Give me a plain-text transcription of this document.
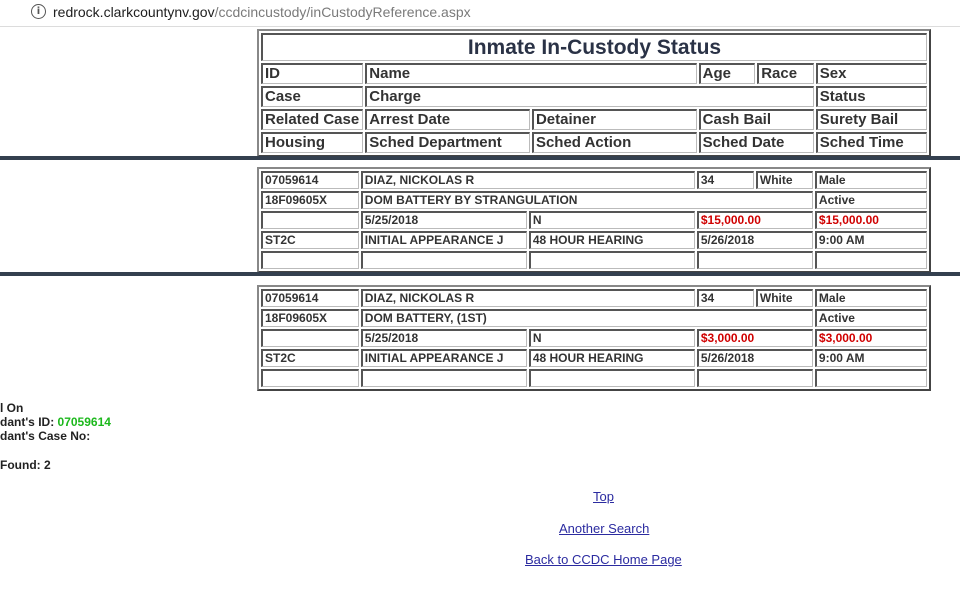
i redrock.clarkcountynv.gov/ccdcincustody/inCustodyReference.aspx
Inmate In-Custody Status					
ID	Name		Age	Race	Sex
Case	Charge				Status
Related Case	Arrest Date	Detainer	Cash Bail		Surety Bail
Housing	Sched Department	Sched Action	Sched Date		Sched Time
07059614	DIAZ, NICKOLAS R		34	White	Male
18F09605X	DOM BATTERY BY STRANGULATION				Active
	5/25/2018	N	$15,000.00		$15,000.00
ST2C	INITIAL APPEARANCE J	48 HOUR HEARING	5/26/2018		9:00 AM

07059614	DIAZ, NICKOLAS R		34	White	Male
18F09605X	DOM BATTERY, (1ST)				Active
	5/25/2018	N	$3,000.00		$3,000.00
ST2C	INITIAL APPEARANCE J	48 HOUR HEARING	5/26/2018		9:00 AM

l On
dant's ID: 07059614
dant's Case No:
Found: 2
Top
Another Search
Back to CCDC Home Page
